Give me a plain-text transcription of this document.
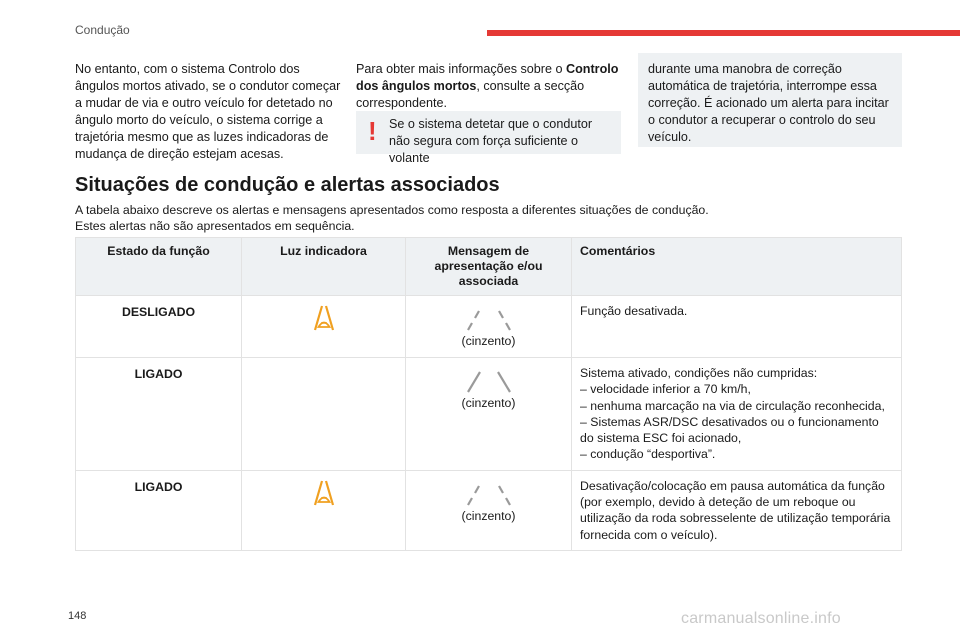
Condução
No entanto, com o sistema Controlo dos ângulos mortos ativado, se o condutor começar a mudar de via e outro veículo for detetado no ângulo morto do veículo, o sistema corrige a trajetória mesmo que as luzes indicadoras de mudança de direção estejam acesas.
Para obter mais informações sobre o Controlo dos ângulos mortos, consulte a secção correspondente.
! Se o sistema detetar que o condutor não segura com força suficiente o volante
durante uma manobra de correção automática de trajetória, interrompe essa correção. É acionado um alerta para incitar o condutor a recuperar o controlo do seu veículo.
Situações de condução e alertas associados
A tabela abaixo descreve os alertas e mensagens apresentados como resposta a diferentes situações de condução.
Estes alertas não são apresentados em sequência.
Estado da função	Luz indicadora	Mensagem de apresentação e/ou associada	Comentários
DESLIGADO		(cinzento)	Função desativada.

LIGADO		(cinzento)	Sistema ativado, condições não cumpridas:
– velocidade inferior a 70 km/h,
– nenhuma marcação na via de circulação reconhecida,
– Sistemas ASR/DSC desativados ou o funcionamento do sistema ESC foi acionado,
– condução “desportiva”.

LIGADO		(cinzento)	Desativação/colocação em pausa automática da função (por exemplo, devido à deteção de um reboque ou utilização da roda sobresselente de utilização temporária fornecida com o veículo).
148	carmanualsonline.info
